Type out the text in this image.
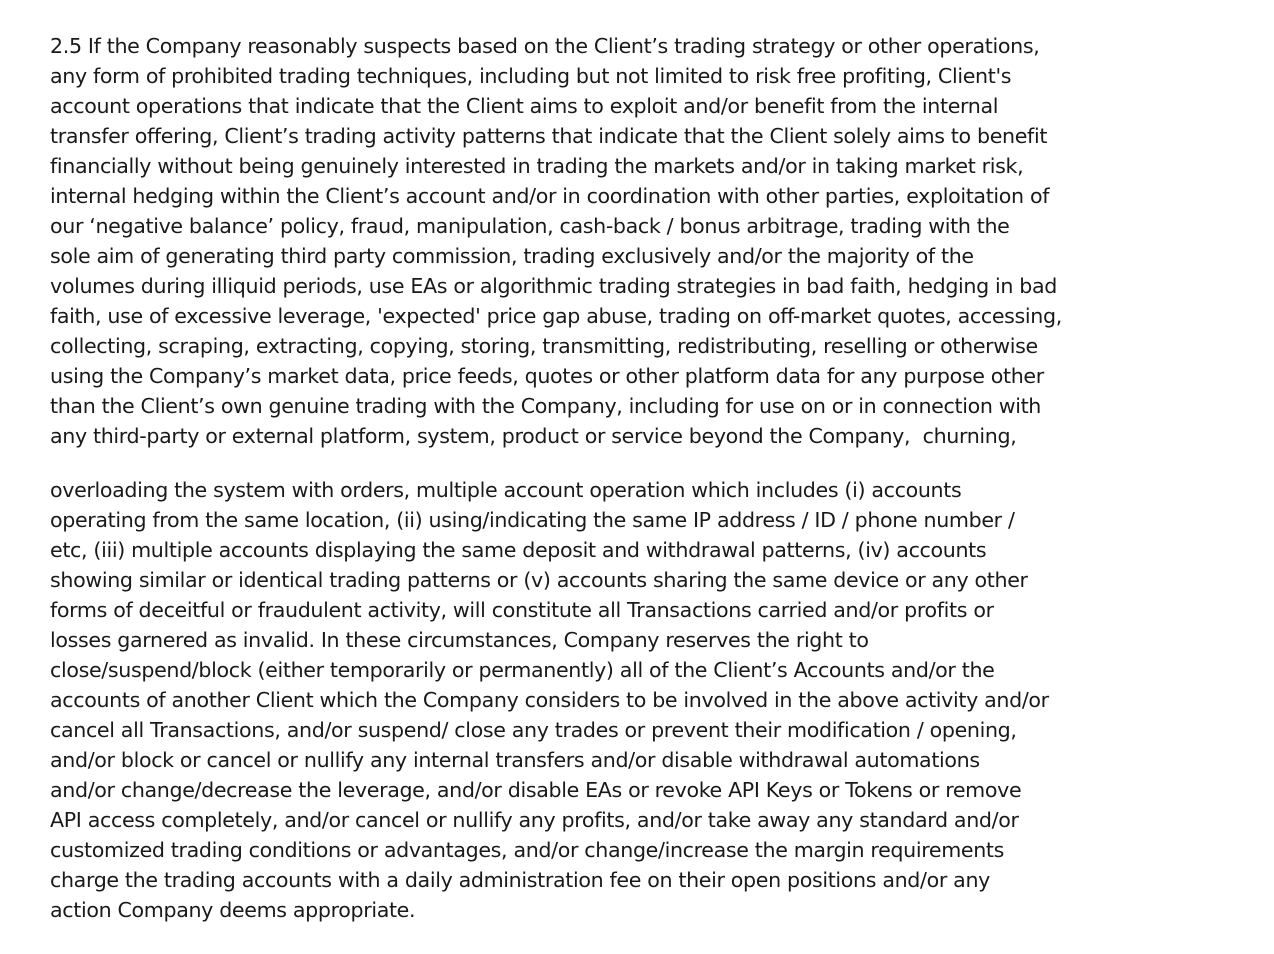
2.5 If the Company reasonably suspects based on the Client’s trading strategy or other operations,
any form of prohibited trading techniques, including but not limited to risk free profiting, Client's
account operations that indicate that the Client aims to exploit and/or benefit from the internal
transfer offering, Client’s trading activity patterns that indicate that the Client solely aims to benefit
financially without being genuinely interested in trading the markets and/or in taking market risk,
internal hedging within the Client’s account and/or in coordination with other parties, exploitation of
our ‘negative balance’ policy, fraud, manipulation, cash-back / bonus arbitrage, trading with the
sole aim of generating third party commission, trading exclusively and/or the majority of the
volumes during illiquid periods, use EAs or algorithmic trading strategies in bad faith, hedging in bad
faith, use of excessive leverage, 'expected' price gap abuse, trading on off-market quotes, accessing,
collecting, scraping, extracting, copying, storing, transmitting, redistributing, reselling or otherwise
using the Company’s market data, price feeds, quotes or other platform data for any purpose other
than the Client’s own genuine trading with the Company, including for use on or in connection with
any third-party or external platform, system, product or service beyond the Company,  churning,
overloading the system with orders, multiple account operation which includes (i) accounts
operating from the same location, (ii) using/indicating the same IP address / ID / phone number /
etc, (iii) multiple accounts displaying the same deposit and withdrawal patterns, (iv) accounts
showing similar or identical trading patterns or (v) accounts sharing the same device or any other
forms of deceitful or fraudulent activity, will constitute all Transactions carried and/or profits or
losses garnered as invalid. In these circumstances, Company reserves the right to
close/suspend/block (either temporarily or permanently) all of the Client’s Accounts and/or the
accounts of another Client which the Company considers to be involved in the above activity and/or
cancel all Transactions, and/or suspend/ close any trades or prevent their modification / opening,
and/or block or cancel or nullify any internal transfers and/or disable withdrawal automations
and/or change/decrease the leverage, and/or disable EAs or revoke API Keys or Tokens or remove
API access completely, and/or cancel or nullify any profits, and/or take away any standard and/or
customized trading conditions or advantages, and/or change/increase the margin requirements
charge the trading accounts with a daily administration fee on their open positions and/or any
action Company deems appropriate.
